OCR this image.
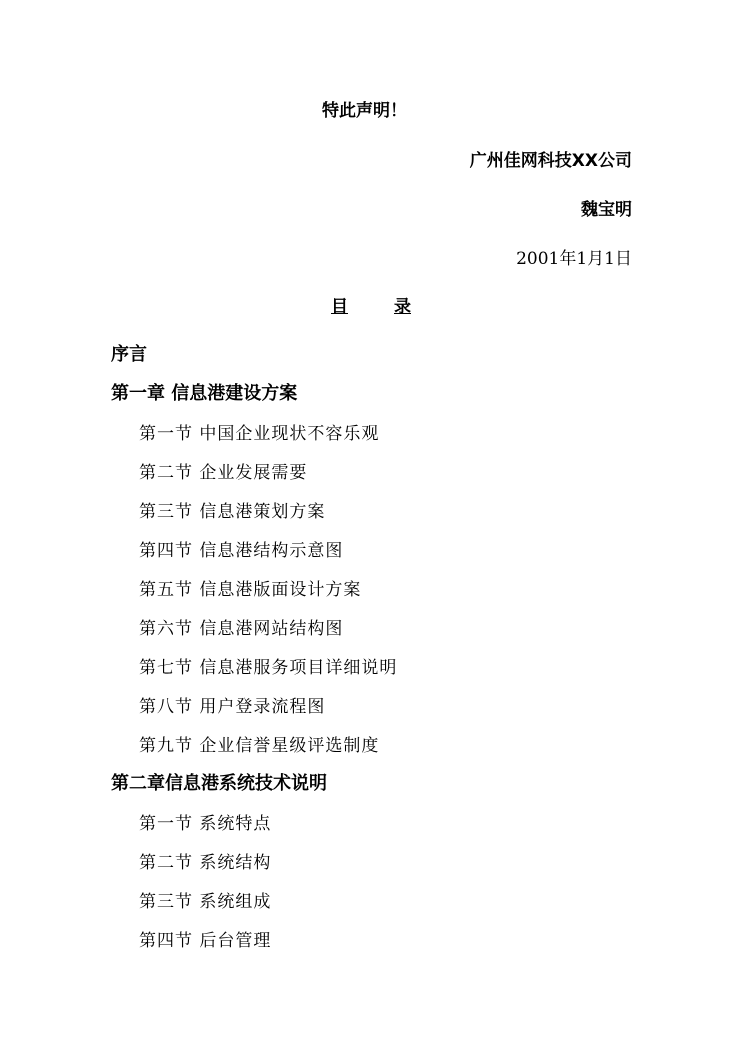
特此声明！
广州佳网科技XX公司
魏宝明
2001年1月1日
目	录
序言
第一章 信息港建设方案
第一节 中国企业现状不容乐观
第二节 企业发展需要
第三节 信息港策划方案
第四节 信息港结构示意图
第五节 信息港版面设计方案
第六节 信息港网站结构图
第七节 信息港服务项目详细说明
第八节 用户登录流程图
第九节 企业信誉星级评选制度
第二章信息港系统技术说明
第一节 系统特点
第二节 系统结构
第三节 系统组成
第四节 后台管理
